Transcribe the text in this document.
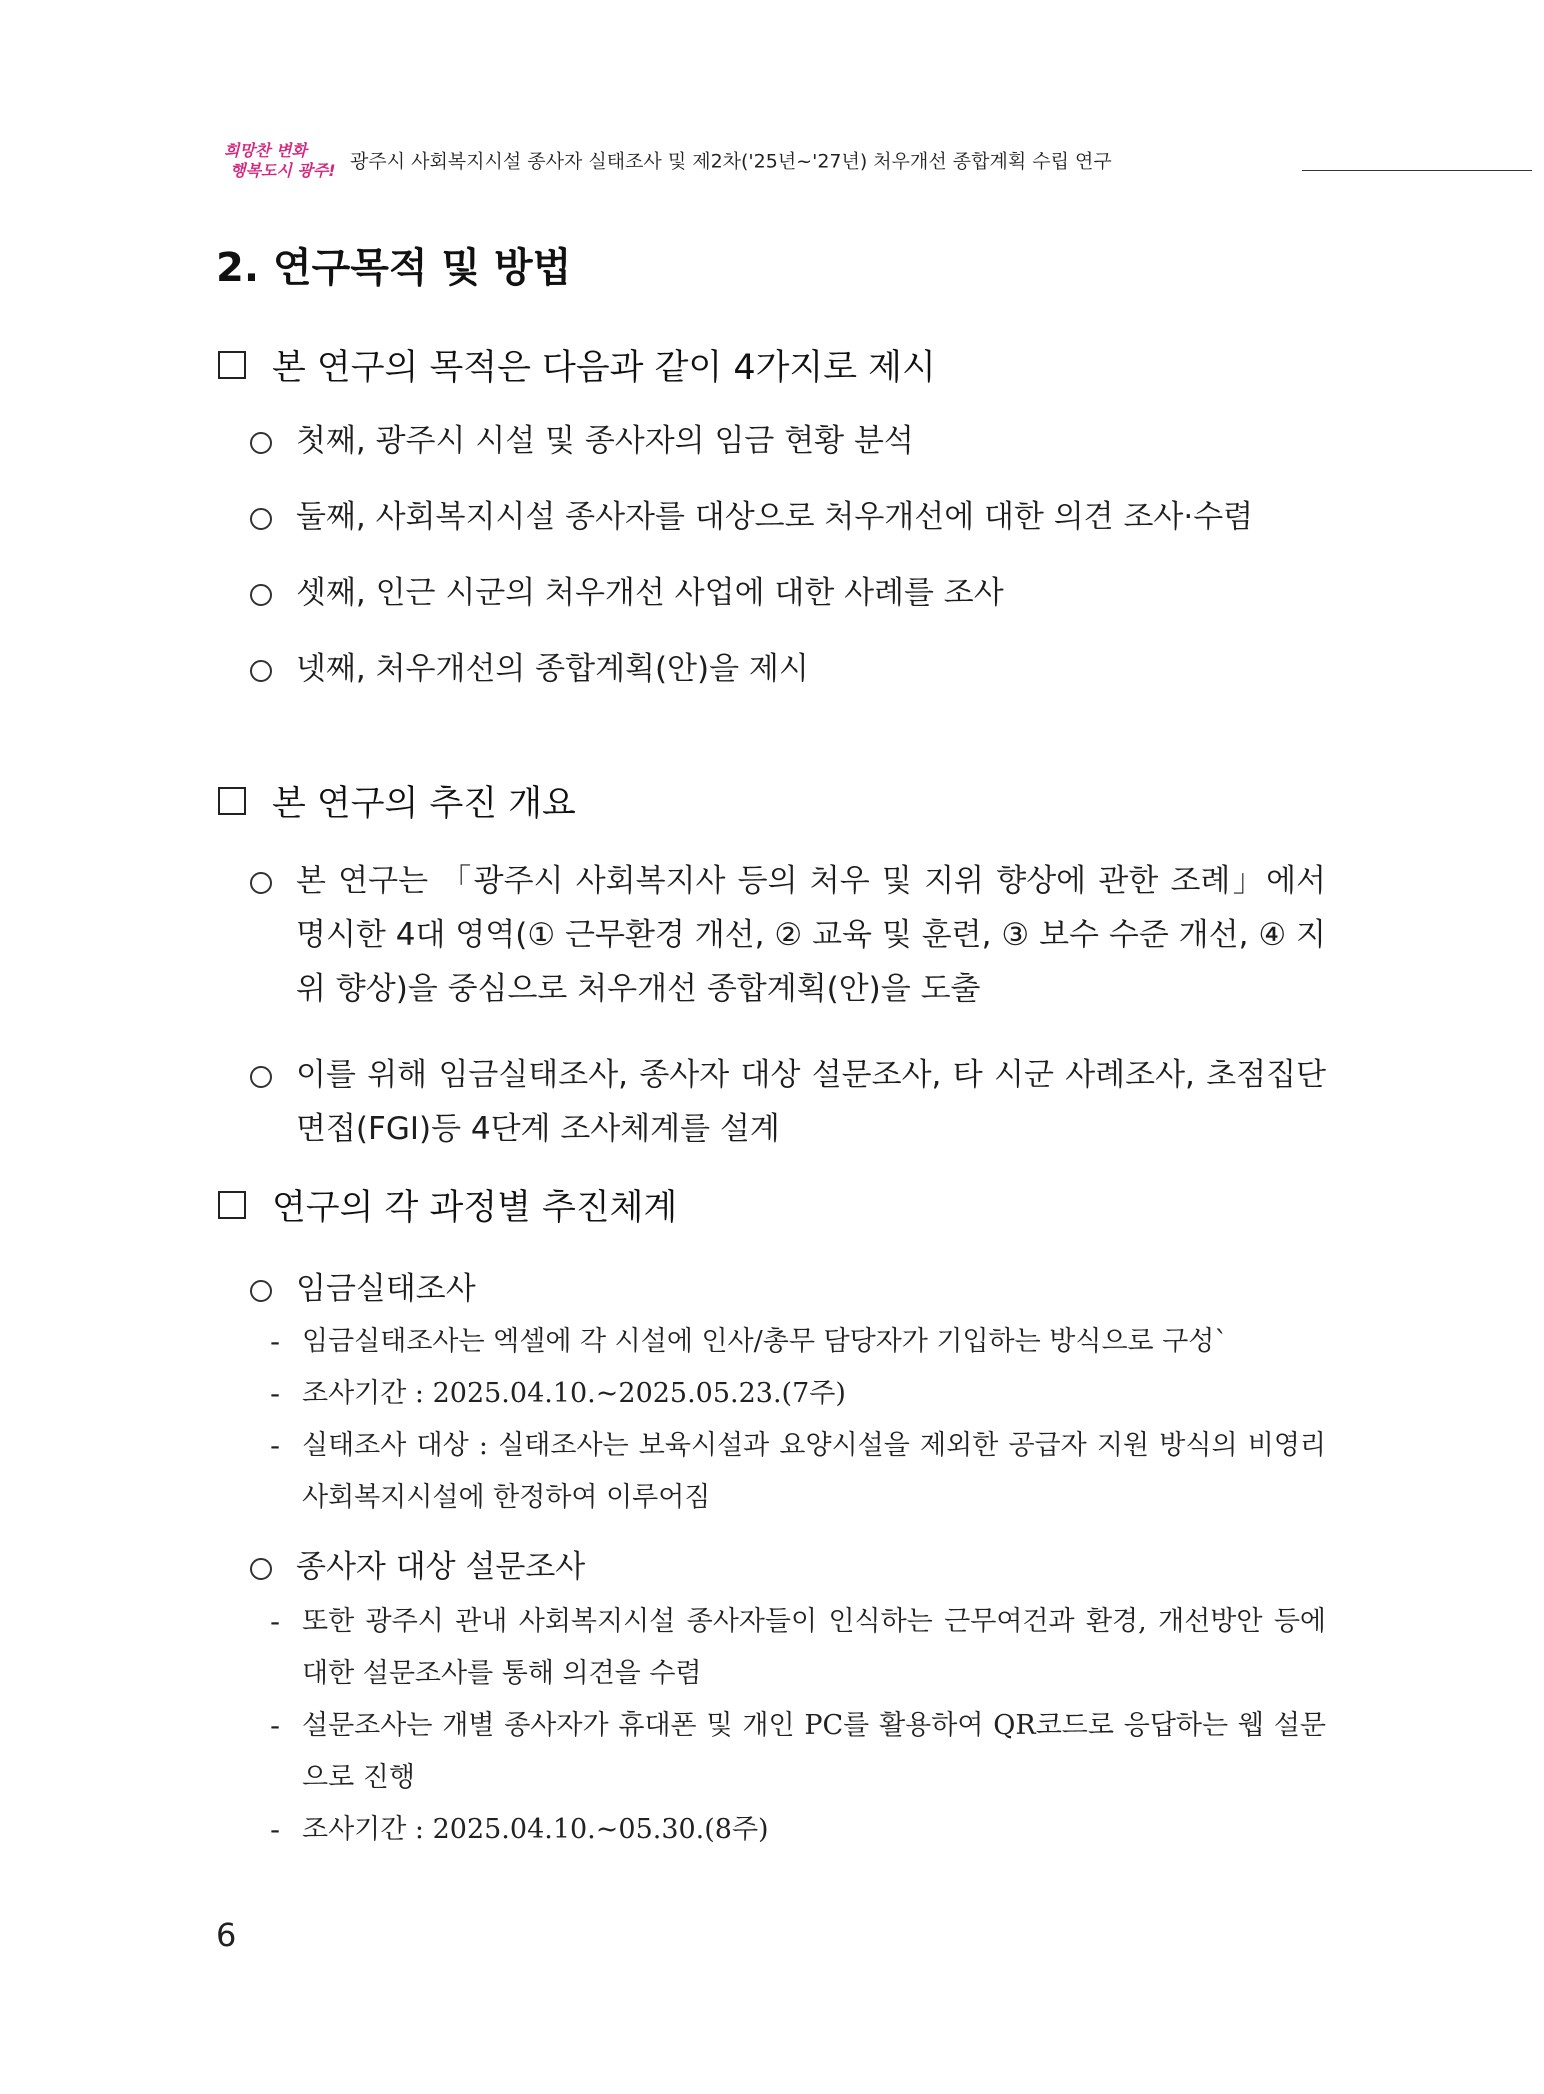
희망찬 변화
행복도시 광주! 광주시 사회복지시설 종사자 실태조사 및 제2차('25년~'27년) 처우개선 종합계획 수립 연구
2. 연구목적 및 방법
본 연구의 목적은 다음과 같이 4가지로 제시
첫째, 광주시 시설 및 종사자의 임금 현황 분석
둘째, 사회복지시설 종사자를 대상으로 처우개선에 대한 의견 조사·수렴
셋째, 인근 시군의 처우개선 사업에 대한 사례를 조사
넷째, 처우개선의 종합계획(안)을 제시
본 연구의 추진 개요
본 연구는 「광주시 사회복지사 등의 처우 및 지위 향상에 관한 조례」에서 명시한 4대 영역(① 근무환경 개선, ② 교육 및 훈련, ③ 보수 수준 개선, ④ 지위 향상)을 중심으로 처우개선 종합계획(안)을 도출
이를 위해 임금실태조사, 종사자 대상 설문조사, 타 시군 사례조사, 초점집단면접(FGI)등 4단계 조사체계를 설계
연구의 각 과정별 추진체계
임금실태조사
- 임금실태조사는 엑셀에 각 시설에 인사/총무 담당자가 기입하는 방식으로 구성`
- 조사기간 : 2025.04.10.~2025.05.23.(7주)
- 실태조사 대상 : 실태조사는 보육시설과 요양시설을 제외한 공급자 지원 방식의 비영리 사회복지시설에 한정하여 이루어짐
종사자 대상 설문조사
- 또한 광주시 관내 사회복지시설 종사자들이 인식하는 근무여건과 환경, 개선방안 등에 대한 설문조사를 통해 의견을 수렴
- 설문조사는 개별 종사자가 휴대폰 및 개인 PC를 활용하여 QR코드로 응답하는 웹 설문으로 진행
- 조사기간 : 2025.04.10.~05.30.(8주)
6
